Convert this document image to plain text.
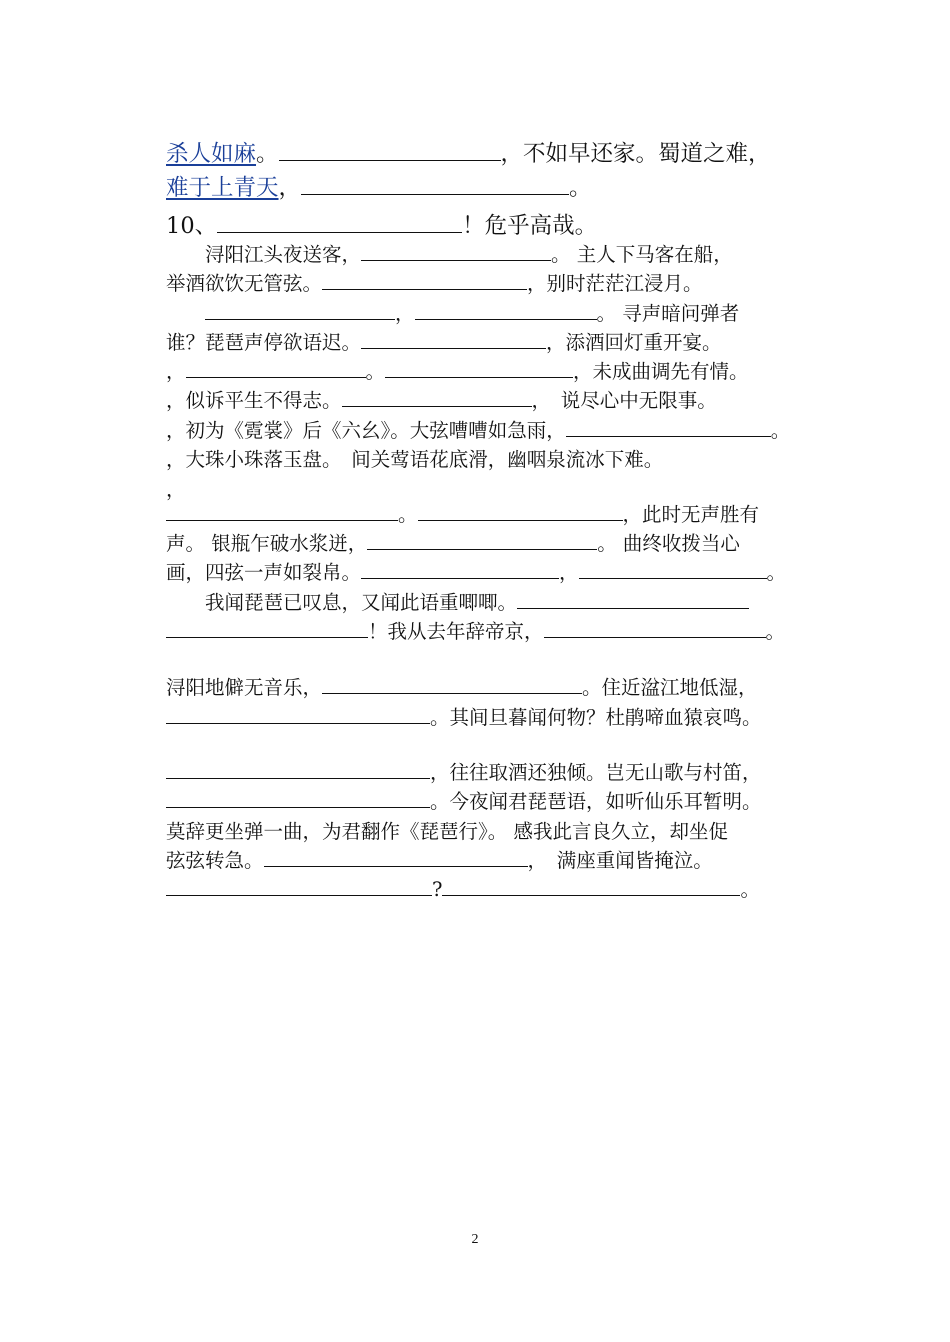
杀人如麻。	，不如早还家。蜀道之难，
难于上青天，	。
10、	！危乎高哉。
　　浔阳江头夜送客，	。 主人下马客在船，
举酒欲饮无管弦。	，别时茫茫江浸月。
　　，	。 寻声暗问弹者
谁？琵琶声停欲语迟。	，添酒回灯重开宴。
，	。	，未成曲调先有情。
，似诉平生不得志。	，　说尽心中无限事。
，初为《霓裳》后《六幺》。大弦嘈嘈如急雨，	。
，大珠小珠落玉盘。　间关莺语花底滑，幽咽泉流冰下难。
，
。	，此时无声胜有
声。 银瓶乍破水浆迸，	。 曲终收拨当心
画，四弦一声如裂帛。	，	。
　　我闻琵琶已叹息，又闻此语重唧唧。
！我从去年辞帝京，	。
浔阳地僻无音乐，	。住近湓江地低湿，
。其间旦暮闻何物？杜鹃啼血猿哀鸣。
，往往取酒还独倾。岂无山歌与村笛，
。今夜闻君琵琶语，如听仙乐耳暂明。
莫辞更坐弹一曲，为君翻作《琵琶行》。 感我此言良久立，却坐促
弦弦转急。	，　满座重闻皆掩泣。
?	。
2
